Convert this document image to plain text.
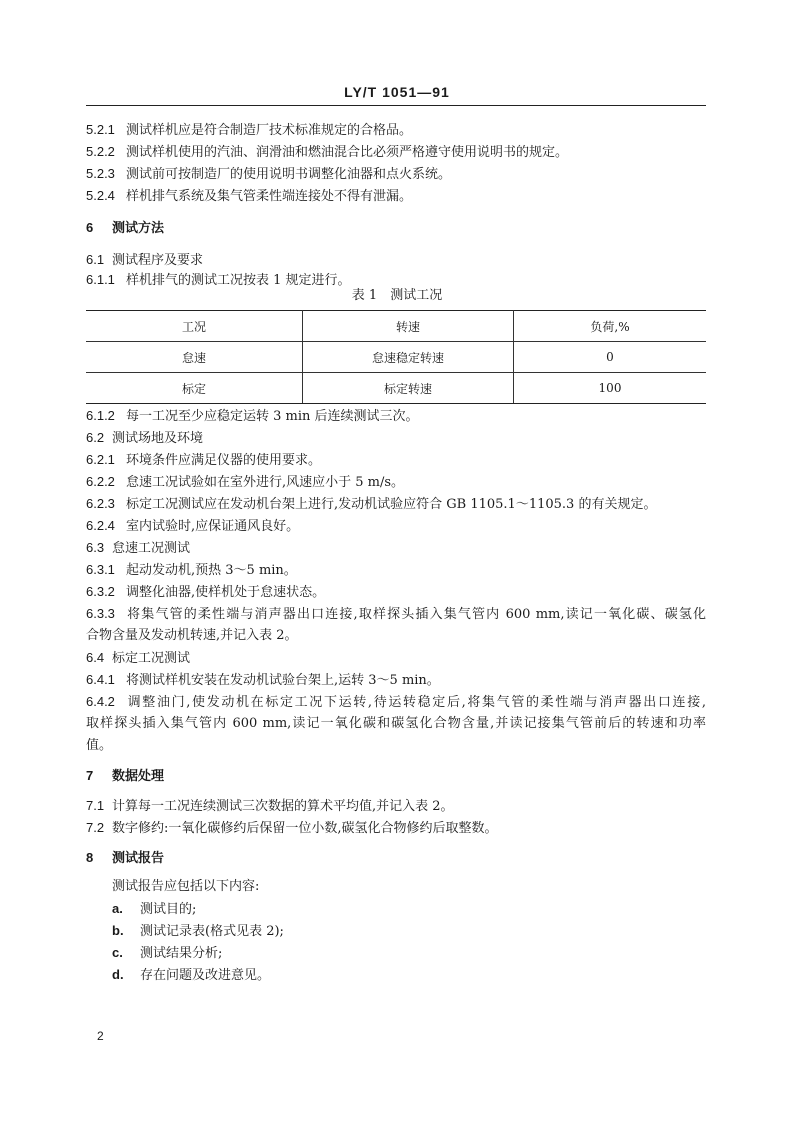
LY/T 1051—91
5.2.1 测试样机应是符合制造厂技术标准规定的合格品。
5.2.2 测试样机使用的汽油、润滑油和燃油混合比必须严格遵守使用说明书的规定。
5.2.3 测试前可按制造厂的使用说明书调整化油器和点火系统。
5.2.4 样机排气系统及集气管柔性端连接处不得有泄漏。
6 测试方法
6.1 测试程序及要求
6.1.1 样机排气的测试工况按表 1 规定进行。
表 1　测试工况
工况	转速	负荷,%
怠速	怠速稳定转速	0
标定	标定转速	100
6.1.2 每一工况至少应稳定运转 3 min 后连续测试三次。
6.2 测试场地及环境
6.2.1 环境条件应满足仪器的使用要求。
6.2.2 怠速工况试验如在室外进行,风速应小于 5 m/s。
6.2.3 标定工况测试应在发动机台架上进行,发动机试验应符合 GB 1105.1～1105.3 的有关规定。
6.2.4 室内试验时,应保证通风良好。
6.3 怠速工况测试
6.3.1 起动发动机,预热 3～5 min。
6.3.2 调整化油器,使样机处于怠速状态。
6.3.3 将集气管的柔性端与消声器出口连接,取样探头插入集气管内 600 mm,读记一氧化碳、碳氢化
合物含量及发动机转速,并记入表 2。
6.4 标定工况测试
6.4.1 将测试样机安装在发动机试验台架上,运转 3～5 min。
6.4.2 调整油门,使发动机在标定工况下运转,待运转稳定后,将集气管的柔性端与消声器出口连接,
取样探头插入集气管内 600 mm,读记一氧化碳和碳氢化合物含量,并读记接集气管前后的转速和功率
值。
7 数据处理
7.1 计算每一工况连续测试三次数据的算术平均值,并记入表 2。
7.2 数字修约:一氧化碳修约后保留一位小数,碳氢化合物修约后取整数。
8 测试报告
测试报告应包括以下内容:
a. 测试目的;
b. 测试记录表(格式见表 2);
c. 测试结果分析;
d. 存在问题及改进意见。
2
